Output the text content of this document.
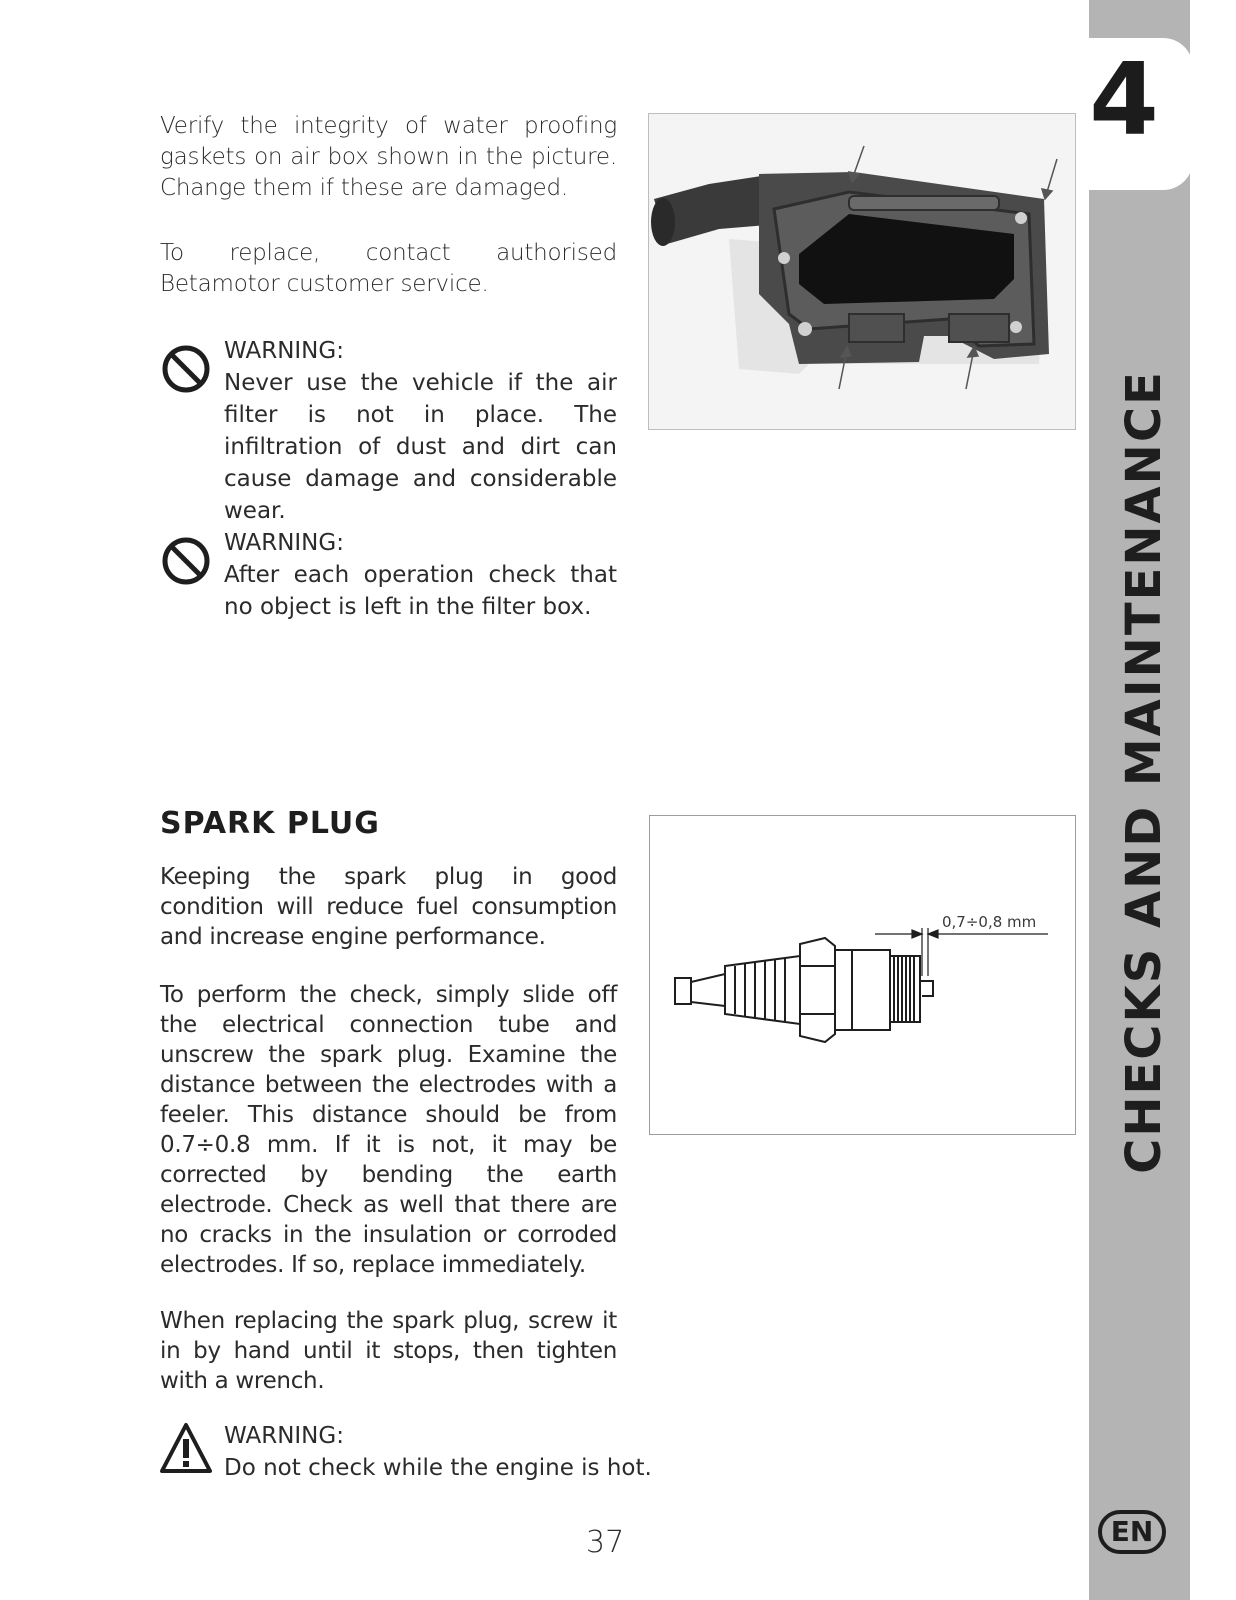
Verify the integrity of water proofing gaskets on air box shown in the picture. Change them if these are damaged.

To replace, contact authorised Betamotor customer service.

WARNING:
Never use the vehicle if the air filter is not in place. The infiltration of dust and dirt can cause damage and considerable wear.
WARNING:
After each operation check that no object is left in the filter box.
SPARK PLUG
Keeping the spark plug in good condition will reduce fuel consumption and increase engine performance.
To perform the check, simply slide off the electrical connection tube and unscrew the spark plug. Examine the distance between the electrodes with a feeler. This distance should be from 0.7÷0.8 mm. If it is not, it may be corrected by bending the earth electrode. Check as well that there are no cracks in the insulation or corroded electrodes. If so, replace immediately.
When replacing the spark plug, screw it in by hand until it stops, then tighten with a wrench.
WARNING:
Do not check while the engine is hot.
0,7÷0,8 mm
4
CHECKS AND MAINTENANCE
EN
37
